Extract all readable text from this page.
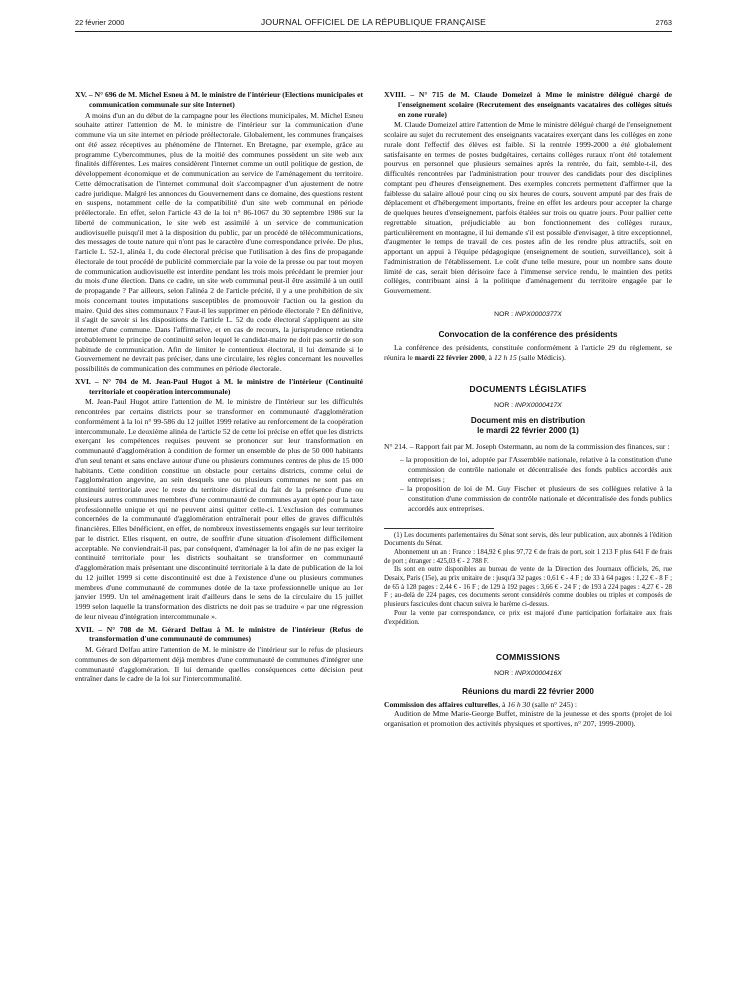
22 février 2000	JOURNAL OFFICIEL DE LA RÉPUBLIQUE FRANÇAISE	2763

XV. – N° 696 de M. Michel Esneu à M. le ministre de l'intérieur (Elections municipales et communication communale sur site Internet)

A moins d'un an du début de la campagne pour les élections municipales, M. Michel Esneu souhaite attirer l'attention de M. le ministre de l'intérieur sur la communication d'une commune via un site internet en période préélectorale. Globalement, les communes françaises ont été assez réceptives au phénomène de l'Internet. En Bretagne, par exemple, grâce au programme Cybercommunes, plus de la moitié des communes possèdent un site web aux finalités différentes. Les maires considèrent l'internet comme un outil politique de gestion, de développement économique et de communication au service de l'aménagement du territoire. Cette démocratisation de l'internet communal doit s'accompagner d'un ajustement de notre cadre juridique. Malgré les annonces du Gouvernement dans ce domaine, des questions restent en suspens, notamment celle de la compatibilité d'un site web communal en période préélectorale. En effet, selon l'article 43 de la loi n° 86-1067 du 30 septembre 1986 sur la liberté de communication, le site web est assimilé à un service de communication audiovisuelle puisqu'il met à la disposition du public, par un procédé de télécommunications, des messages de toute nature qui n'ont pas le caractère d'une correspondance privée. De plus, l'article L. 52-1, alinéa 1, du code électoral précise que l'utilisation à des fins de propagande électorale de tout procédé de publicité commerciale par la voie de la presse ou par tout moyen de communication audiovisuelle est interdite pendant les trois mois précédant le premier jour du mois d'une élection. Dans ce cadre, un site web communal peut-il être assimilé à un outil de propagande ? Par ailleurs, selon l'alinéa 2 de l'article précité, il y a une prohibition de six mois concernant toutes imputations susceptibles de promouvoir l'action ou la gestion du maire. Quid des sites communaux ? Faut-il les supprimer en période électorale ? En définitive, il s'agit de savoir si les dispositions de l'article L. 52 du code électoral s'appliquent au site internet d'une commune. Dans l'affirmative, et en cas de recours, la jurisprudence retiendra probablement le principe de continuité selon lequel le candidat-maire ne doit pas sortir de son habitude de communication. Afin de limiter le contentieux électoral, il lui demande si le Gouvernement ne devrait pas préciser, dans une circulaire, les règles concernant les nouvelles possibilités de communication des communes en période électorale.

XVI. – N° 704 de M. Jean-Paul Hugot à M. le ministre de l'intérieur (Continuité territoriale et coopération intercommunale)

M. Jean-Paul Hugot attire l'attention de M. le ministre de l'intérieur sur les difficultés rencontrées par certains districts pour se transformer en communauté d'agglomération conformément à la loi n° 99-586 du 12 juillet 1999 relative au renforcement de la coopération intercommunale. Le deuxième alinéa de l'article 52 de cette loi précise en effet que les districts exerçant les compétences requises peuvent se prononcer sur leur transformation en communauté d'agglomération à condition de former un ensemble de plus de 50 000 habitants d'un seul tenant et sans enclave autour d'une ou plusieurs communes centres de plus de 15 000 habitants. Cette condition constitue un obstacle pour certains districts, comme celui de l'agglomération angevine, au sein desquels une ou plusieurs communes ne sont pas en continuité territoriale avec le reste du territoire districal du fait de la présence d'une ou plusieurs autres communes membres d'une communauté de communes ayant opté pour la taxe professionnelle unique et qui ne peuvent ainsi quitter celle-ci. L'exclusion des communes concernées de la communauté d'agglomération entraînerait pour elles de graves difficultés financières. Elles bénéficient, en effet, de nombreux investissements engagés sur leur territoire par le district. Elles risquent, en outre, de souffrir d'une situation d'isolement difficilement acceptable. Ne conviendrait-il pas, par conséquent, d'aménager la loi afin de ne pas exiger la continuité territoriale pour les districts souhaitant se transformer en communauté d'agglomération mais présentant une discontinuité territoriale à la date de publication de la loi du 12 juillet 1999 si cette discontinuité est due à l'existence d'une ou plusieurs communes membres d'une communauté de communes dotée de la taxe professionnelle unique au 1er janvier 1999. Un tel aménagement irait d'ailleurs dans le sens de la circulaire du 15 juillet 1999 selon laquelle la transformation des districts ne doit pas se traduire « par une régression de leur niveau d'intégration intercommunale ».

XVII. – N° 708 de M. Gérard Delfau à M. le ministre de l'intérieur (Refus de transformation d'une communauté de communes)

M. Gérard Delfau attire l'attention de M. le ministre de l'intérieur sur le refus de plusieurs communes de son département déjà membres d'une communauté de communes d'intégrer une communauté d'agglomération. Il lui demande quelles conséquences cette décision peut entraîner dans le cadre de la loi sur l'intercommunalité.

XVIII. – N° 715 de M. Claude Domeizel à Mme le ministre délégué chargé de l'enseignement scolaire (Recrutement des enseignants vacataires des collèges situés en zone rurale)

M. Claude Domeizel attire l'attention de Mme le ministre délégué chargé de l'enseignement scolaire au sujet du recrutement des enseignants vacataires exerçant dans les collèges en zone rurale dont l'effectif des élèves est faible. Si la rentrée 1999-2000 a été globalement satisfaisante en termes de postes budgétaires, certains collèges ruraux n'ont été totalement pourvus en personnel que plusieurs semaines après la rentrée, du fait, semble-t-il, des difficultés rencontrées par l'administration pour trouver des candidats pour des disciplines comptant peu d'heures d'enseignement. Des exemples concrets permettent d'affirmer que la faiblesse du salaire alloué pour cinq ou six heures de cours, souvent amputé par des frais de déplacement et d'hébergement importants, freine en effet les ardeurs pour accepter la charge de quelques heures d'enseignement, parfois étalées sur trois ou quatre jours. Pour pallier cette regrettable situation, préjudiciable au bon fonctionnement des collèges ruraux, particulièrement en montagne, il lui demande s'il est possible d'envisager, à titre exceptionnel, d'augmenter le temps de travail de ces postes afin de les rendre plus attractifs, soit en apportant un appui à l'équipe pédagogique (enseignement de soutien, surveillance), soit à l'administration de l'établissement. Le coût d'une telle mesure, pour un nombre sans doute limité de cas, serait bien dérisoire face à l'immense service rendu, le maintien des petits collèges, contribuant ainsi à la politique d'aménagement du territoire engagée par le Gouvernement.

NOR : INPX0000377X
Convocation de la conférence des présidents

La conférence des présidents, constituée conformément à l'article 29 du règlement, se réunira le mardi 22 février 2000, à 12 h 15 (salle Médicis).

DOCUMENTS LÉGISLATIFS
NOR : INPX0000417X
Document mis en distribution
le mardi 22 février 2000 (1)

N° 214. – Rapport fait par M. Joseph Ostermann, au nom de la commission des finances, sur :

– la proposition de loi, adoptée par l'Assemblée nationale, relative à la constitution d'une commission de contrôle nationale et décentralisée des fonds publics accordés aux entreprises ;

– la proposition de loi de M. Guy Fischer et plusieurs de ses collègues relative à la constitution d'une commission de contrôle nationale et décentralisée des fonds publics accordés aux entreprises.

(1) Les documents parlementaires du Sénat sont servis, dès leur publication, aux abonnés à l'édition Documents du Sénat.

Abonnement un an : France : 184,92 € plus 97,72 € de frais de port, soit 1 213 F plus 641 F de frais de port ; étranger : 425,03 € - 2 788 F.

Ils sont en outre disponibles au bureau de vente de la Direction des Journaux officiels, 26, rue Desaix, Paris (15e), au prix unitaire de : jusqu'à 32 pages : 0,61 € - 4 F ; de 33 à 64 pages : 1,22 € - 8 F ; de 65 à 128 pages : 2,44 € - 16 F ; de 129 à 192 pages : 3,66 € - 24 F ; de 193 à 224 pages : 4,27 € - 28 F ; au-delà de 224 pages, ces documents seront considérés comme doubles ou triples et composés de plusieurs fascicules dont chacun suivra le barème ci-dessus.

Pour la vente par correspondance, ce prix est majoré d'une participation forfaitaire aux frais d'expédition.

COMMISSIONS
NOR : INPX0000416X
Réunions du mardi 22 février 2000

Commission des affaires culturelles, à 16 h 30 (salle n° 245) :

Audition de Mme Marie-George Buffet, ministre de la jeunesse et des sports (projet de loi organisation et promotion des activités physiques et sportives, n° 207, 1999-2000).
